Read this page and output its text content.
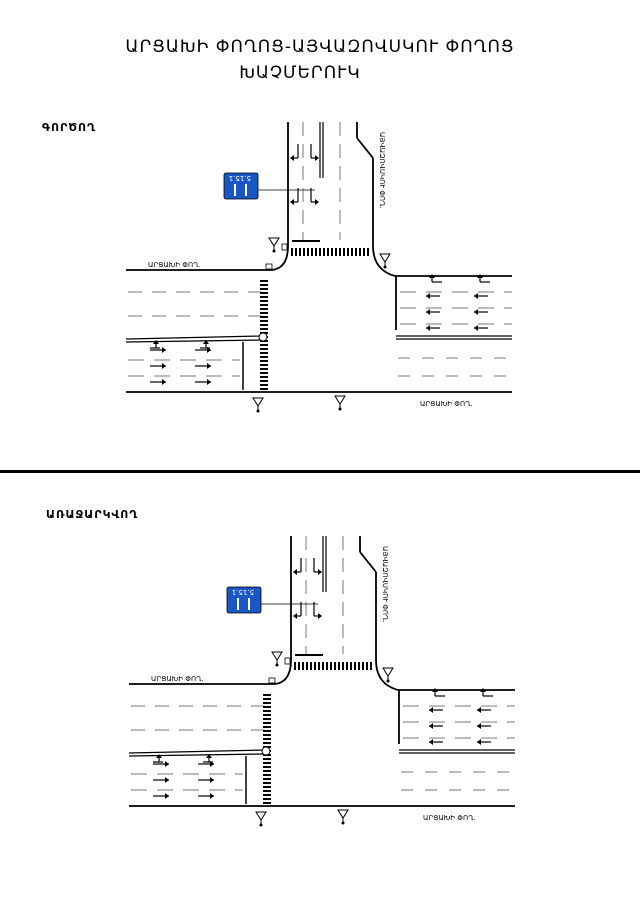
ԱՐՑԱԽԻ ՓՈՂՈՑ-ԱՅՎԱԶՈՎՍԿՈՒ ՓՈՂՈՑ
ԽԱՉՄԵՐՈՒԿ
ԳՈՐԾՈՂ
ԱՌԱՋԱՐԿՎՈՂ
5.15.1
ԱՐՑԱԽԻ ՓՈՂ.
ԱՐՑԱԽԻ ՓՈՂ.
ԱՅՎԱԶՈՎՍԿՈՒ ՓՈՂ.
5.15.1
ԱՐՑԱԽԻ ՓՈՂ.
ԱՐՑԱԽԻ ՓՈՂ.
ԱՅՎԱԶՈՎՍԿՈՒ ՓՈՂ.
